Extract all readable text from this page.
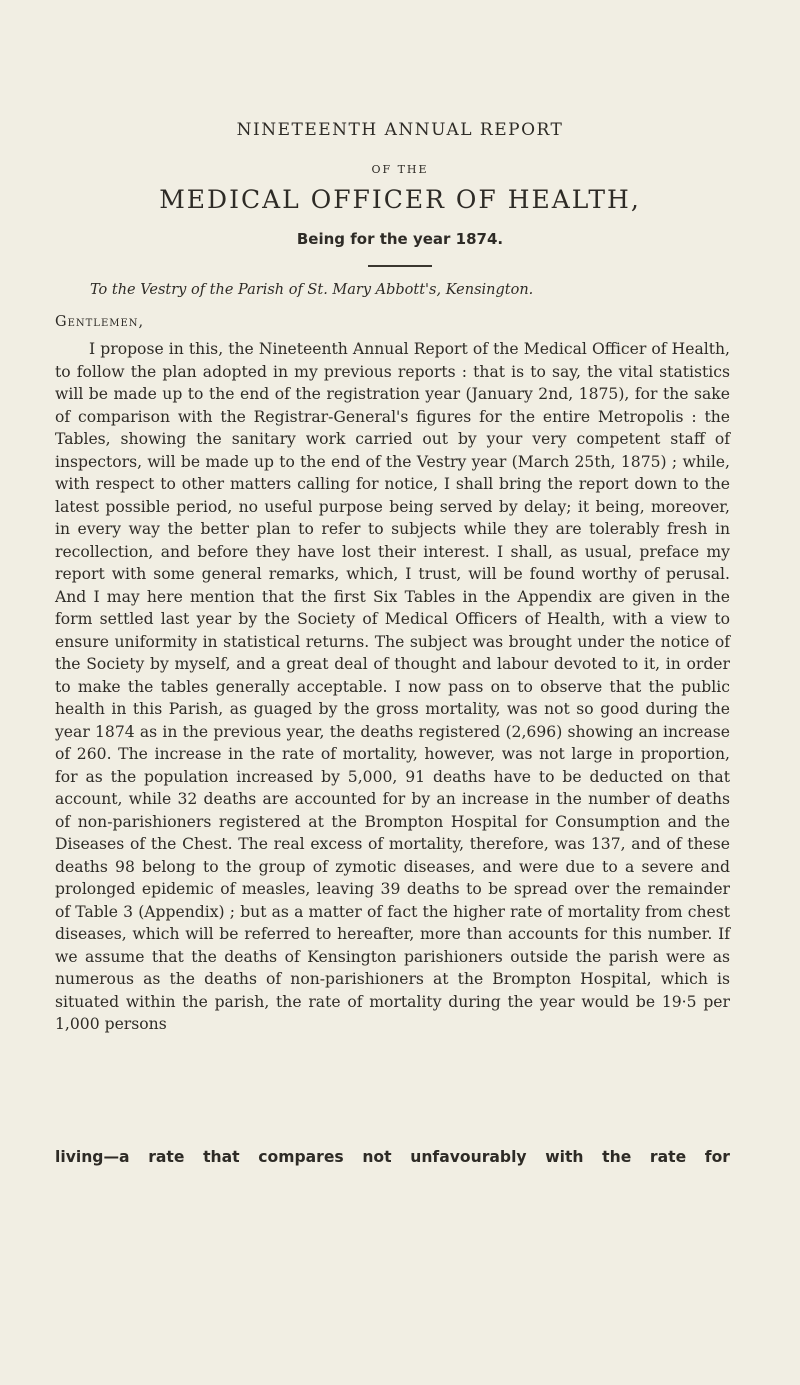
NINETEENTH ANNUAL REPORT
OF THE
MEDICAL OFFICER OF HEALTH,
Being for the year 1874.
To the Vestry of the Parish of St. Mary Abbott's, Kensington.
Gentlemen,

I propose in this, the Nineteenth Annual Report of the Medical Officer of Health, to follow the plan adopted in my previous reports : that is to say, the vital statistics will be made up to the end of the registration year (January 2nd, 1875), for the sake of comparison with the Registrar-General's figures for the entire Metropolis : the Tables, showing the sanitary work carried out by your very competent staff of inspectors, will be made up to the end of the Vestry year (March 25th, 1875) ; while, with respect to other matters calling for notice, I shall bring the report down to the latest possible period, no useful purpose being served by delay; it being, moreover, in every way the better plan to refer to subjects while they are tolerably fresh in recollection, and before they have lost their interest. I shall, as usual, preface my report with some general remarks, which, I trust, will be found worthy of perusal. And I may here mention that the first Six Tables in the Appendix are given in the form settled last year by the Society of Medical Officers of Health, with a view to ensure uniformity in statistical returns. The subject was brought under the notice of the Society by myself, and a great deal of thought and labour devoted to it, in order to make the tables generally acceptable. I now pass on to observe that the public health in this Parish, as guaged by the gross mortality, was not so good during the year 1874 as in the previous year, the deaths registered (2,696) showing an increase of 260. The increase in the rate of mortality, however, was not large in proportion, for as the population increased by 5,000, 91 deaths have to be deducted on that account, while 32 deaths are accounted for by an increase in the number of deaths of non-parishioners registered at the Brompton Hospital for Consumption and the Diseases of the Chest. The real excess of mortality, therefore, was 137, and of these deaths 98 belong to the group of zymotic diseases, and were due to a severe and prolonged epidemic of measles, leaving 39 deaths to be spread over the remainder of Table 3 (Appendix) ; but as a matter of fact the higher rate of mortality from chest diseases, which will be referred to hereafter, more than accounts for this number. If we assume that the deaths of Kensington parishioners outside the parish were as numerous as the deaths of non-parishioners at the Brompton Hospital, which is situated within the parish, the rate of mortality during the year would be 19·5 per 1,000 persons

living—a rate that compares not unfavourably with the rate for
